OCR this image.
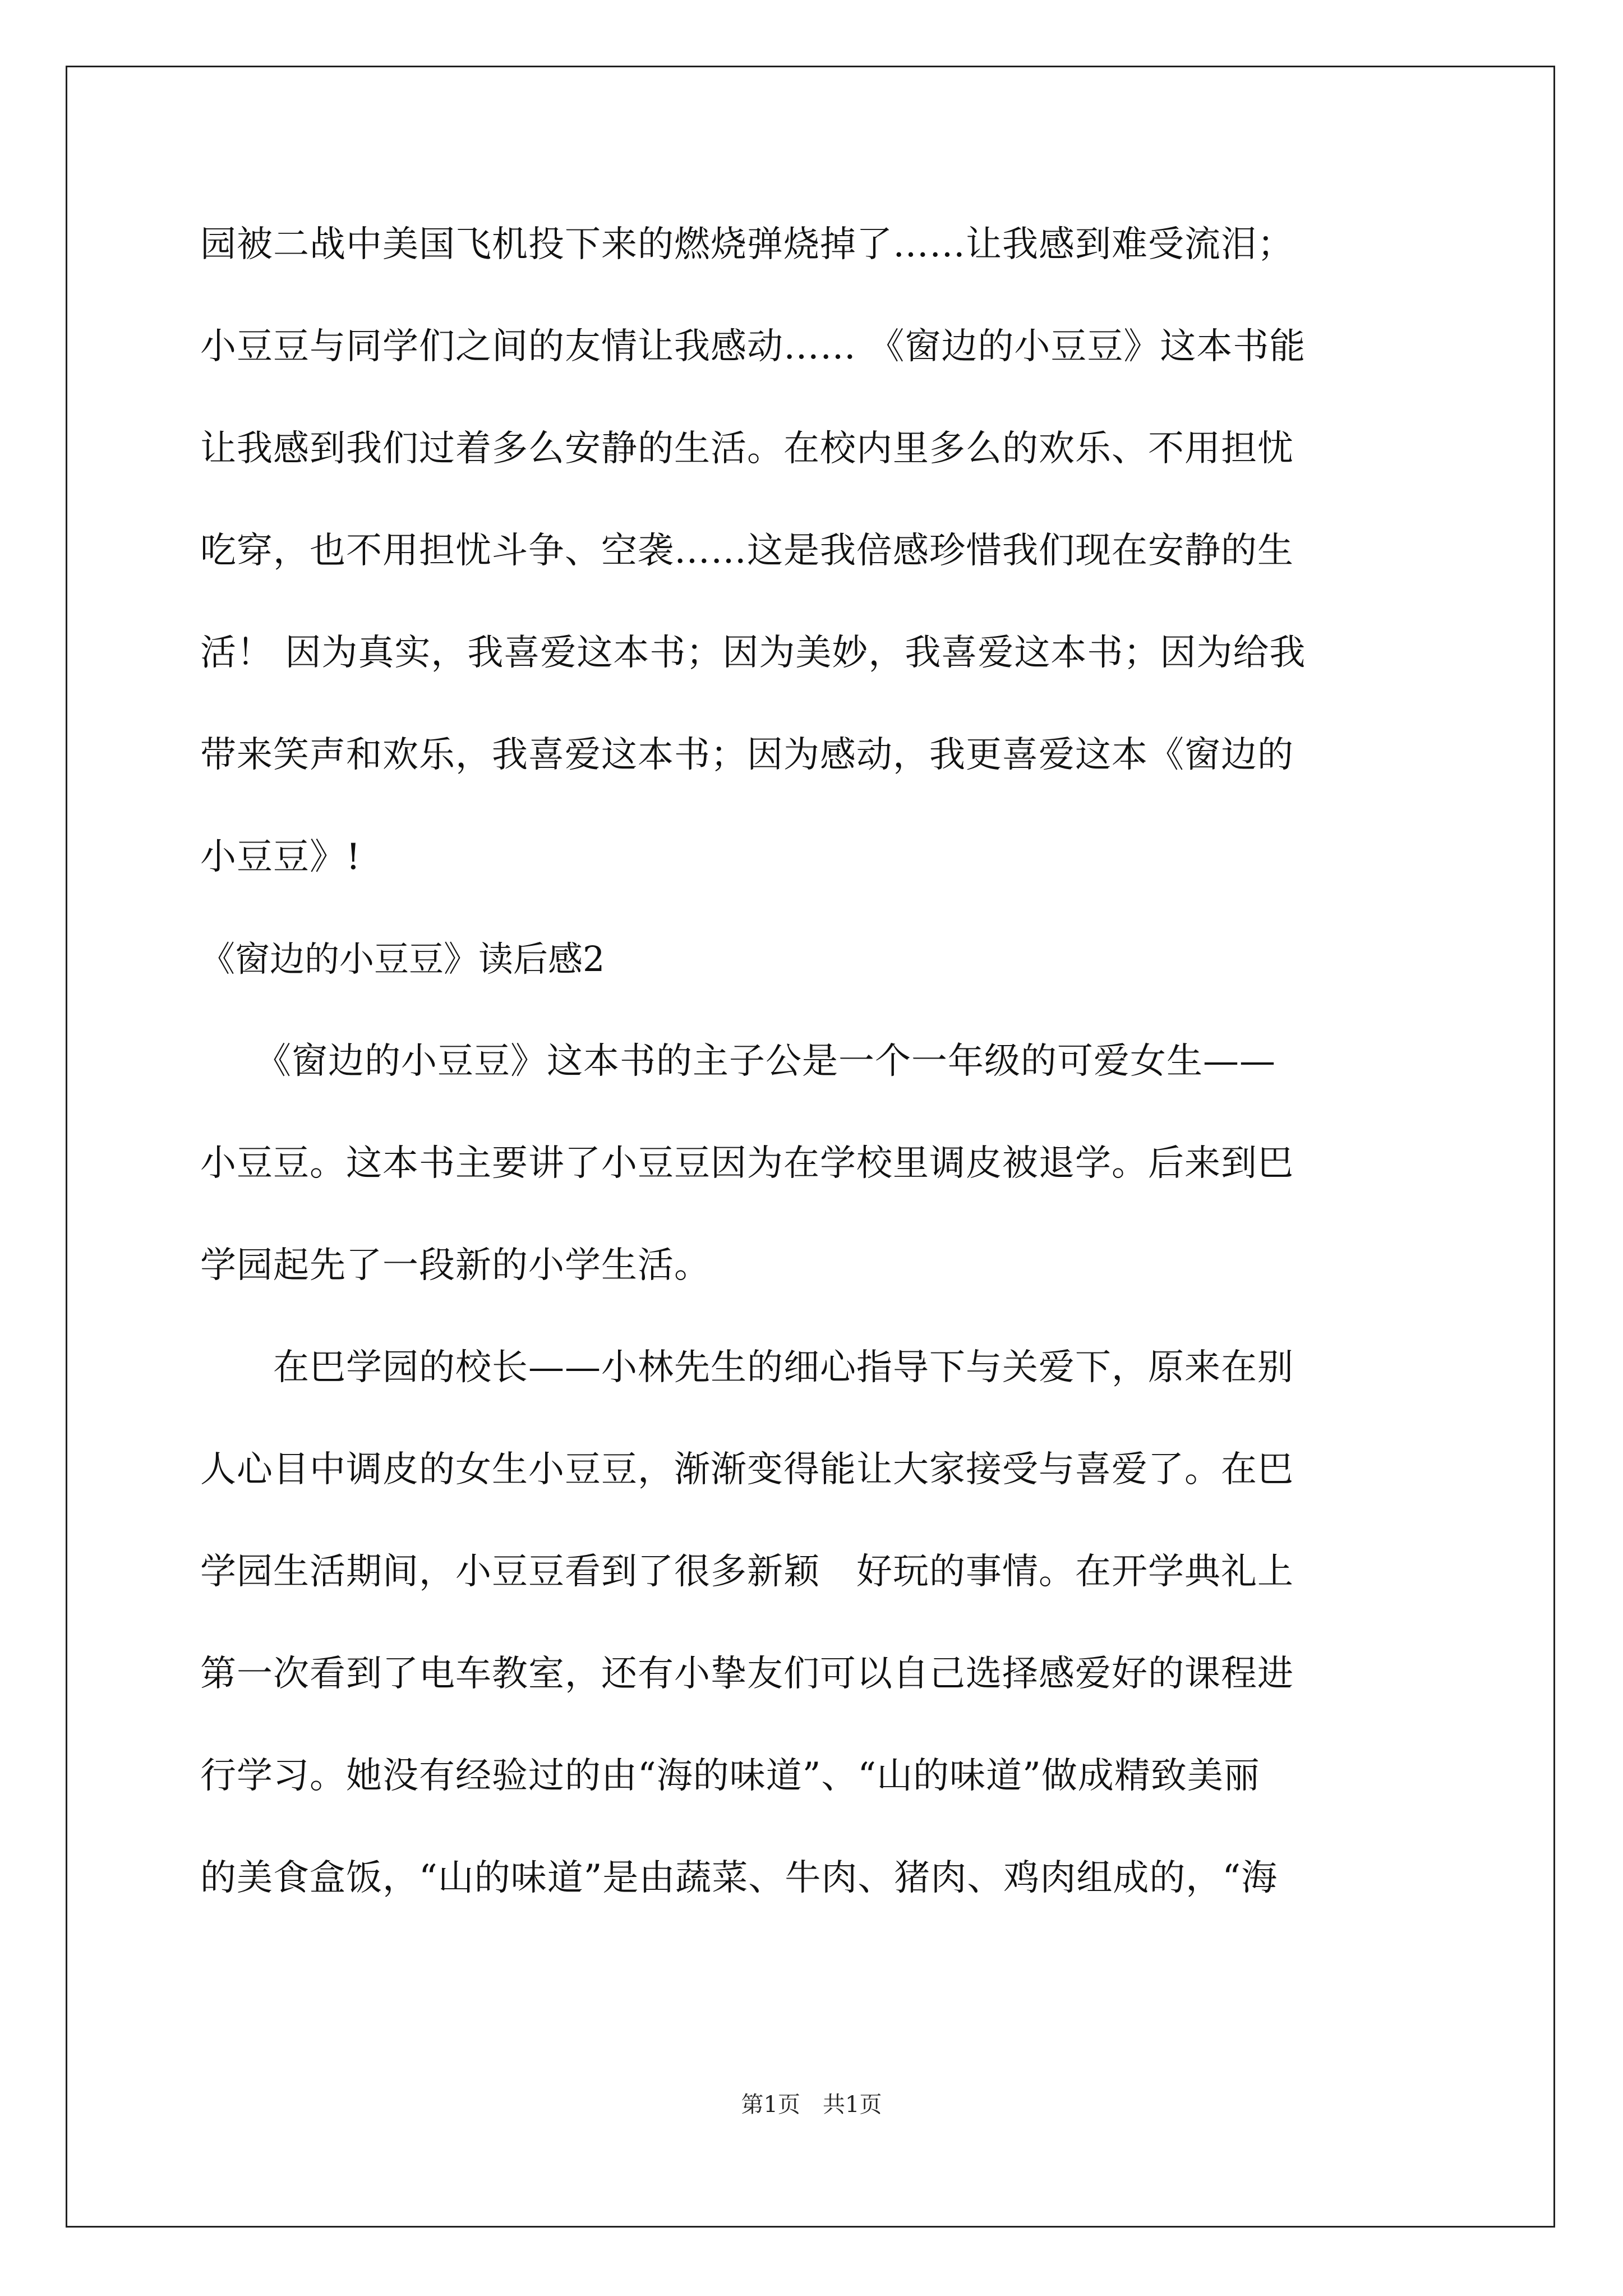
园被二战中美国飞机投下来的燃烧弹烧掉了……让我感到难受流泪；
小豆豆与同学们之间的友情让我感动…… 《窗边的小豆豆》这本书能
让我感到我们过着多么安静的生活。在校内里多么的欢乐、不用担忧
吃穿，也不用担忧斗争、空袭……这是我倍感珍惜我们现在安静的生
活！ 因为真实，我喜爱这本书；因为美妙，我喜爱这本书；因为给我
带来笑声和欢乐，我喜爱这本书；因为感动，我更喜爱这本《窗边的
小豆豆》!
《窗边的小豆豆》读后感2
　　《窗边的小豆豆》这本书的主子公是一个一年级的可爱女生——
小豆豆。这本书主要讲了小豆豆因为在学校里调皮被退学。后来到巴
学园起先了一段新的小学生活。
　　在巴学园的校长——小林先生的细心指导下与关爱下，原来在别
人心目中调皮的女生小豆豆，渐渐变得能让大家接受与喜爱了。在巴
学园生活期间，小豆豆看到了很多新颖　好玩的事情。在开学典礼上
第一次看到了电车教室，还有小挚友们可以自己选择感爱好的课程进
行学习。她没有经验过的由“海的味道”、“山的味道”做成精致美丽
的美食盒饭，“山的味道”是由蔬菜、牛肉、猪肉、鸡肉组成的，“海
第1页　共1页
